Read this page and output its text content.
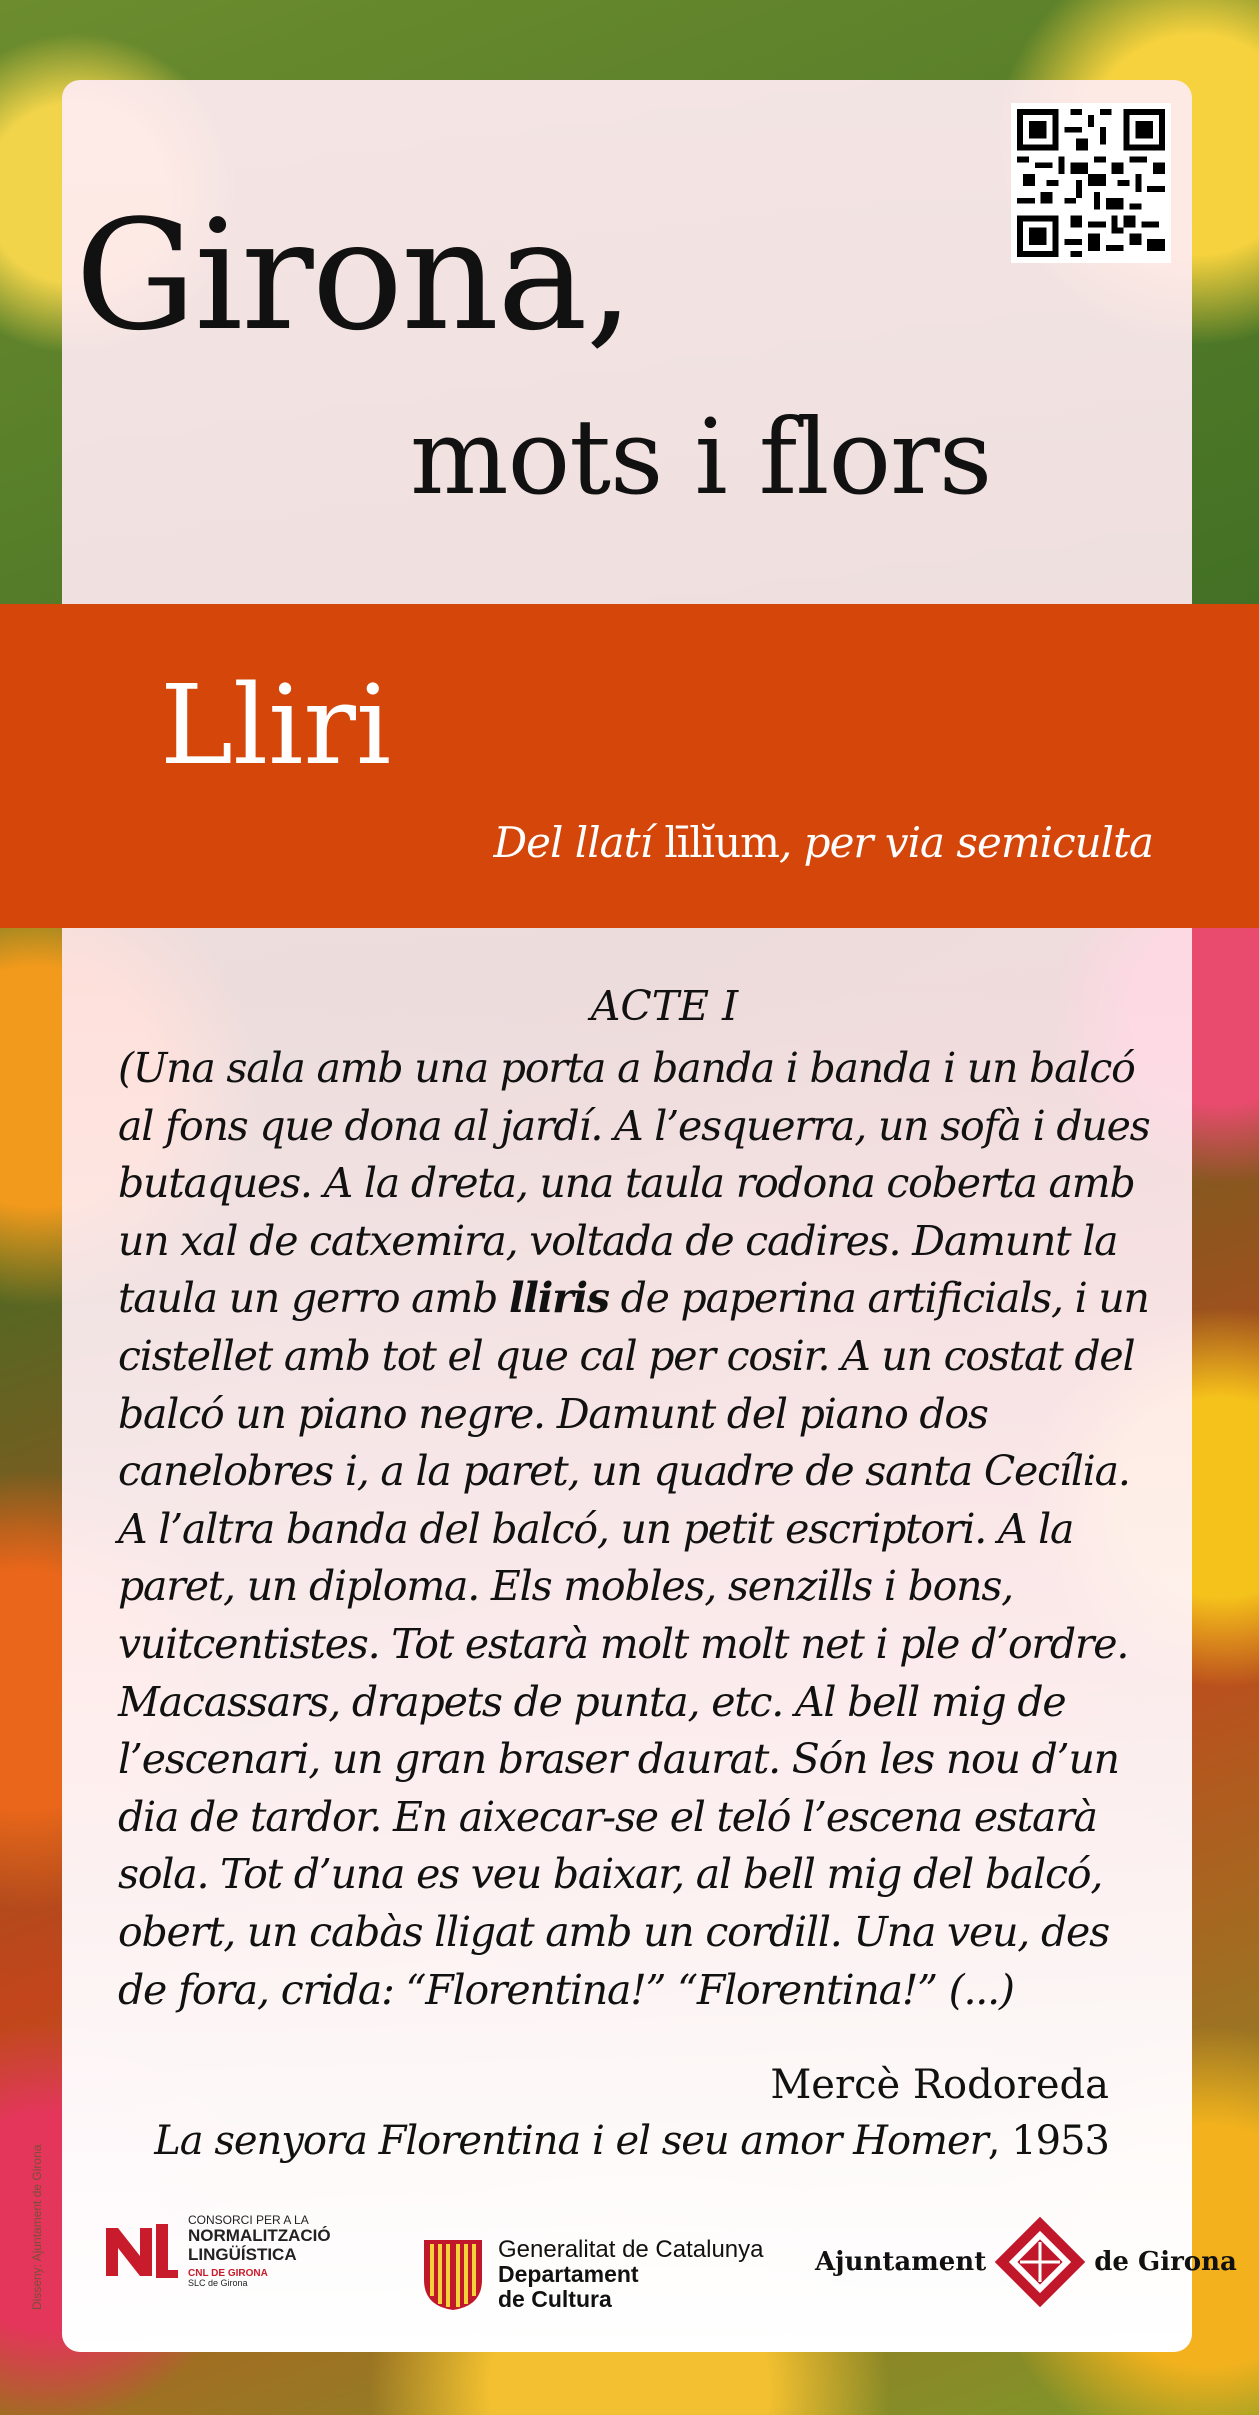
Girona,
mots i flors
Lliri
Del llatí līlĭum, per via semiculta
ACTE I
(Una sala amb una porta a banda i banda i un balcó
al fons que dona al jardí. A l’esquerra, un sofà i dues
butaques. A la dreta, una taula rodona coberta amb
un xal de catxemira, voltada de cadires. Damunt la
taula un gerro amb lliris de paperina artificials, i un
cistellet amb tot el que cal per cosir. A un costat del
balcó un piano negre. Damunt del piano dos
canelobres i, a la paret, un quadre de santa Cecília.
A l’altra banda del balcó, un petit escriptori. A la
paret, un diploma. Els mobles, senzills i bons,
vuitcentistes. Tot estarà molt molt net i ple d’ordre.
Macassars, drapets de punta, etc. Al bell mig de
l’escenari, un gran braser daurat. Són les nou d’un
dia de tardor. En aixecar-se el teló l’escena estarà
sola. Tot d’una es veu baixar, al bell mig del balcó,
obert, un cabàs lligat amb un cordill. Una veu, des
de fora, crida: “Florentina!” “Florentina!” (...)
Mercè Rodoreda
La senyora Florentina i el seu amor Homer, 1953
Disseny: Ajuntament de Girona	CONSORCI PER A LA
NORMALITZACIÓ
LINGÜÍSTICA
CNL DE GIRONA
SLC de Girona
Generalitat de Catalunya
Departament
de Cultura
Ajuntament	de Girona
